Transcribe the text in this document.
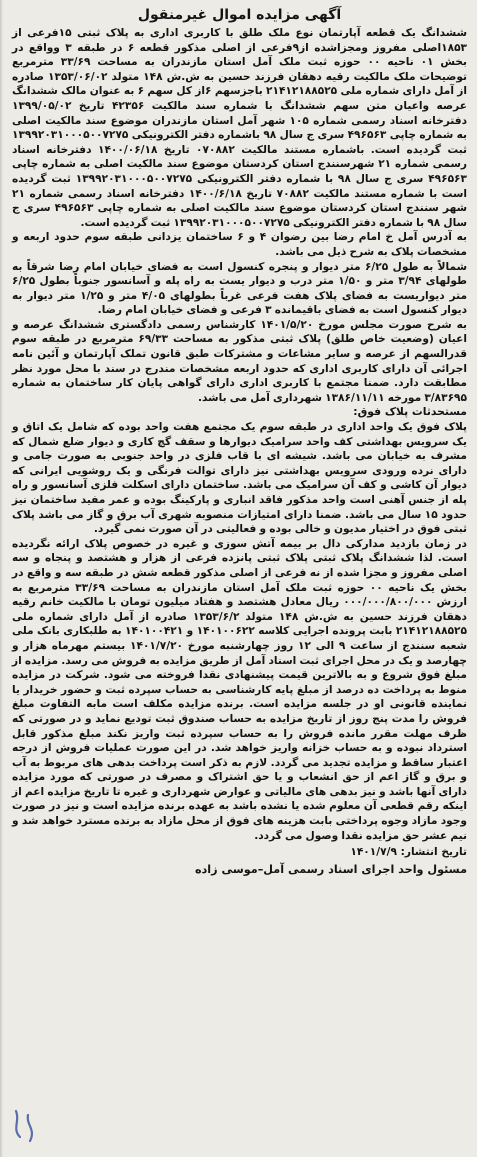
آگهی مزایده اموال غیرمنقول

ششدانگ یک قطعه آپارتمان نوع ملک طلق با کاربری اداری به پلاک ثبتی ۱۵فرعی از ۱۸۵۳اصلی مفروز ومجزاشده از۹فرعی از اصلی مذکور قطعه ۶ در طبقه ۳ وواقع در بخش ۰۱ ناحیه ۰۰ حوزه ثبت ملک آمل استان مازندران به مساحت ۳۳/۶۹ مترمربع توضیحات ملک مالکیت رقیه دهقان فرزند حسین به ش.ش ۱۴۸ متولد ۱۳۵۳/۰۶/۰۲ صادره از آمل دارای شماره ملی ۲۱۴۱۲۱۸۸۵۲۵ باجزسهم ۶از کل سهم ۶ به عنوان مالک ششدانگ عرصه واعیان متن سهم ششدانگ با شماره سند مالکیت ۴۲۳۵۶ تاریخ ۱۳۹۹/۰۵/۰۲ دفترخانه اسناد رسمی شماره ۱۰۵ شهر آمل استان مازندران موضوع سند مالکیت اصلی به شماره چاپی ۴۹۶۵۶۳ سری ج سال ۹۸ باشماره دفتر الکترونیکی ۱۳۹۹۲۰۳۱۰۰۰۵۰۰۷۲۷۵ ثبت گردیده است. باشماره مستند مالکیت ۰۷۰۸۸۲ تاریخ ۱۴۰۰/۰۶/۱۸ دفترخانه اسناد رسمی شماره ۲۱ شهرسنندج استان کردستان موضوع سند مالکیت اصلی به شماره چاپی ۴۹۶۵۶۳ سری ج سال ۹۸ با شماره دفتر الکترونیکی ۱۳۹۹۲۰۳۱۰۰۰۵۰۰۷۲۷۵ ثبت گردیده است با شماره مستند مالکیت ۷۰۸۸۲ تاریخ ۱۴۰۰/۶/۱۸ دفترخانه اسناد رسمی شماره ۲۱ شهر سنندج استان کردستان موضوع سند مالکیت اصلی به شماره چاپی ۴۹۶۵۶۳ سری ج سال ۹۸ با شماره دفتر الکترونیکی ۱۳۹۹۲۰۳۱۰۰۰۵۰۰۷۲۷۵ ثبت گردیده است.

به آدرس آمل خ امام رضا بین رضوان ۴ و ۶ ساختمان یزدانی طبقه سوم حدود اربعه و مشخصات پلاک به شرح ذیل می باشد.

شمالاً به طول ۶/۲۵ متر دیوار و پنجره کنسول است به فضای خیابان امام رضا شرقاً به طولهای ۳/۹۴ متر و ۱/۵۰ متر درب و دیوار یست به راه پله و آسانسور جنوباً بطول ۶/۲۵ متر دیواریست به فضای پلاک هفت فرعی غرباً بطولهای ۴/۰۵ متر و ۱/۲۵ متر دیوار به دیوار کنسول است به فضای باقیمانده ۳ فرعی و فضای خیابان امام رضا.

به شرح صورت مجلس مورخ ۱۴۰۱/۵/۲۰ کارشناس رسمی دادگستری ششدانگ عرصه و اعیان (وضعیت خاص طلق) پلاک ثبتی مذکور به مساحت ۶۹/۳۳ مترمربع در طبقه سوم قدرالسهم از عرصه و سایر مشاعات و مشترکات طبق قانون تملک آپارتمان و آئین نامه اجرائی آن دارای کاربری اداری که حدود اربعه مشخصات مندرج در سند با محل مورد نظر مطابقت دارد. ضمنا مجتمع با کاربری اداری دارای گواهی پایان کار ساختمان به شماره ۳/۸۳۶۹۵ مورخه ۱۳۸۶/۱۱/۱۱ شهرداری آمل می باشد.

مستحدثات پلاک فوق:

پلاک فوق یک واحد اداری در طبقه سوم یک مجتمع هفت واحد بوده که شامل یک اتاق و یک سرویس بهداشتی کف واحد سرامیک دیوارها و سقف گچ کاری و دیوار ضلع شمال که مشرف به خیابان می باشد. شیشه ای با قاب فلزی در واحد جنوبی به صورت جامی و دارای نرده ورودی سرویس بهداشتی نیز دارای توالت فرنگی و یک روشویی ایرانی که دیوار آن کاشی و کف آن سرامیک می باشد. ساختمان دارای اسکلت فلزی آسانسور و راه پله از جنس آهنی است واحد مذکور فاقد انباری و پارکینگ بوده و عمر مفید ساختمان نیز حدود ۱۵ سال می باشد. ضمنا دارای امتیازات منصوبه شهری آب برق و گاز می باشد پلاک ثبتی فوق در اختیار مدیون و خالی بوده و فعالیتی در آن صورت نمی گیرد.

در زمان بازدید مدارکی دال بر بیمه آتش سوزی و غیره در خصوص پلاک ارائه نگردیده است. لذا ششدانگ پلاک ثبتی پلاک ثبتی پانزده فرعی از هزار و هشتصد و پنجاه و سه اصلی مفروز و مجزا شده از نه فرعی از اصلی مذکور قطعه شش در طبقه سه و واقع در بخش یک ناحیه ۰۰ حوزه ثبت ملک آمل استان مازندران به مساحت ۳۳/۶۹ مترمربع به ارزش ۰۰۰/۰۰۰/۸۰۰/۰۰۰ ریال معادل هشتصد و هفتاد میلیون تومان با مالکیت خانم رقیه دهقان فرزند حسین به ش.ش ۱۴۸ متولد ۱۳۵۳/۶/۲ صادره از آمل دارای شماره ملی ۲۱۴۱۲۱۸۸۵۲۵ بابت پرونده اجرایی کلاسه ۱۴۰۱۰۰۶۲۲ و ۱۴۰۱۰۰۴۲۱ به طلبکاری بانک ملی شعبه سنندج از ساعت ۹ الی ۱۲ روز چهارشنبه مورخ ۱۴۰۱/۷/۲۰ بیستم مهرماه هزار و چهارصد و یک در محل اجرای ثبت اسناد آمل از طریق مزایده به فروش می رسد. مزایده از مبلغ فوق شروع و به بالاترین قیمت پیشنهادی نقدا فروخته می شود. شرکت در مزایده منوط به پرداخت ده درصد از مبلغ پایه کارشناسی به حساب سپرده ثبت و حضور خریدار یا نماینده قانونی او در جلسه مزایده است. برنده مزایده مکلف است مابه التفاوت مبلغ فروش را مدت پنج روز از تاریخ مزایده به حساب صندوق ثبت تودیع نماید و در صورتی که ظرف مهلت مقرر مانده فروش را به حساب سپرده ثبت واریز نکند مبلغ مذکور قابل استرداد نبوده و به حساب خزانه واریز خواهد شد. در این صورت عملیات فروش از درجه اعتبار ساقط و مزایده تجدید می گردد. لازم به ذکر است پرداخت بدهی های مربوط به آب و برق و گاز اعم از حق انشعاب و یا حق اشتراک و مصرف در صورتی که مورد مزایده دارای آنها باشد و نیز بدهی های مالیاتی و عوارض شهرداری و غیره تا تاریخ مزایده اعم از اینکه رقم قطعی آن معلوم شده یا نشده باشد به عهده برنده مزایده است و نیز در صورت وجود مازاد وجوه پرداختی بابت هزینه های فوق از محل مازاد به برنده مسترد خواهد شد و نیم عشر حق مزایده نقدا وصول می گردد.

تاریخ انتشار: ۱۴۰۱/۷/۹

مسئول واحد اجرای اسناد رسمی آمل–موسی زاده
